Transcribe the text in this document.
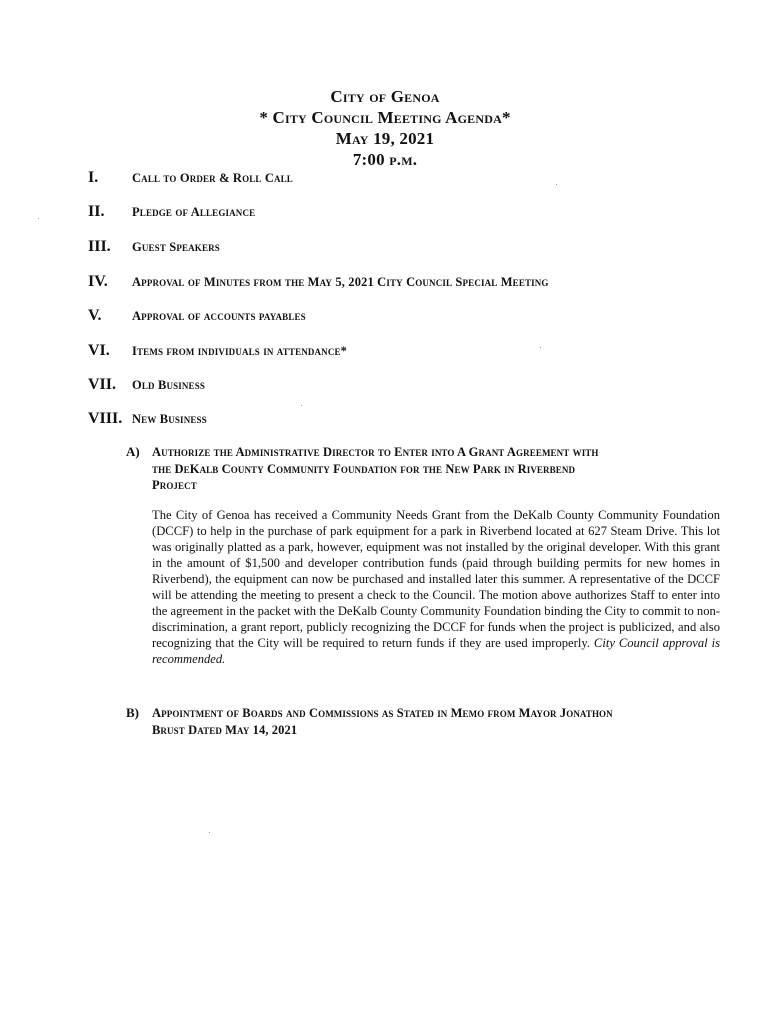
City of Genoa
* City Council Meeting Agenda*
May 19, 2021
7:00 p.m.
I.	Call to Order & Roll Call
II.	Pledge of Allegiance
III.	Guest Speakers
IV.	Approval of Minutes from the May 5, 2021 City Council Special Meeting
V.	Approval of accounts payables
VI.	Items from individuals in attendance*
VII.	Old Business
VIII. New Business
A) Authorize the Administrative Director to Enter into A Grant Agreement with
the DeKalb County Community Foundation for the New Park in Riverbend
Project
The City of Genoa has received a Community Needs Grant from the DeKalb County Community Foundation (DCCF) to help in the purchase of park equipment for a park in Riverbend located at 627 Steam Drive. This lot was originally platted as a park, however, equipment was not installed by the original developer. With this grant in the amount of $1,500 and developer contribution funds (paid through building permits for new homes in Riverbend), the equipment can now be purchased and installed later this summer. A representative of the DCCF will be attending the meeting to present a check to the Council. The motion above authorizes Staff to enter into the agreement in the packet with the DeKalb County Community Foundation binding the City to commit to non-discrimination, a grant report, publicly recognizing the DCCF for funds when the project is publicized, and also recognizing that the City will be required to return funds if they are used improperly. City Council approval is recommended.
B) Appointment of Boards and Commissions as Stated in Memo from Mayor Jonathon
Brust Dated May 14, 2021
